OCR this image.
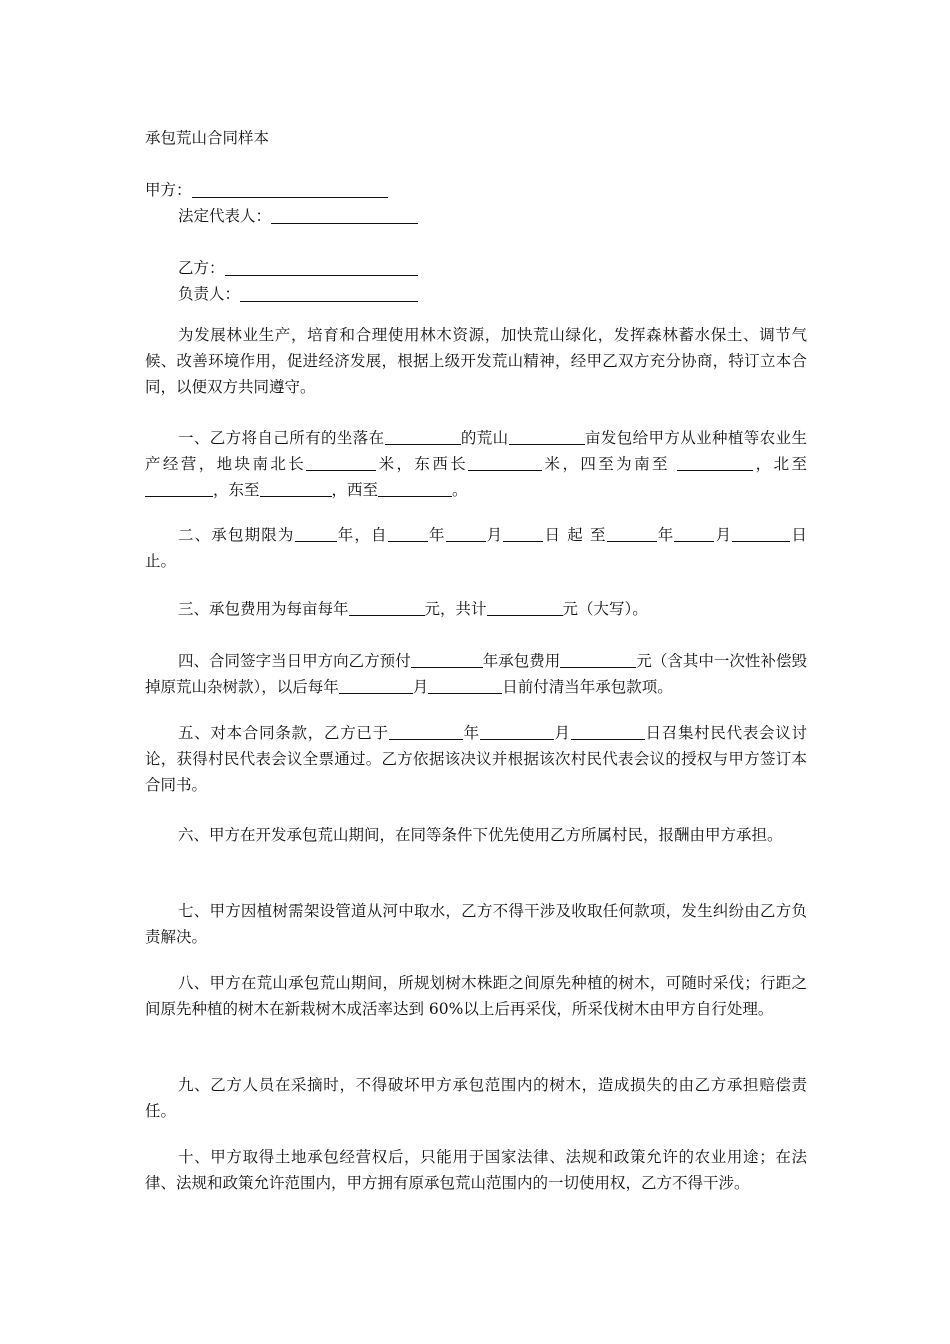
承包荒山合同样本
甲方：
法定代表人：
乙方：
负责人：

为发展林业生产，培育和合理使用林木资源，加快荒山绿化，发挥森林蓄水保土、调节气候、改善环境作用，促进经济发展，根据上级开发荒山精神，经甲乙双方充分协商，特订立本合同，以便双方共同遵守。

一、乙方将自己所有的坐落在	的荒山	亩发包给甲方从业种植等农业生产经营，地块南北长	米，东西长	米，四至为南至	，北至，东至	，西至	。

二、承包期限为	年，自	年	月	日 起 至	年	月	日止。

三、承包费用为每亩每年	元，共计	元（大写）。

四、合同签字当日甲方向乙方预付	年承包费用	元（含其中一次性补偿毁掉原荒山杂树款），以后每年	月	日前付清当年承包款项。

五、对本合同条款，乙方已于	年	月	日召集村民代表会议讨论，获得村民代表会议全票通过。乙方依据该决议并根据该次村民代表会议的授权与甲方签订本合同书。

六、甲方在开发承包荒山期间，在同等条件下优先使用乙方所属村民，报酬由甲方承担。

七、甲方因植树需架设管道从河中取水，乙方不得干涉及收取任何款项，发生纠纷由乙方负责解决。

八、甲方在荒山承包荒山期间，所规划树木株距之间原先种植的树木，可随时采伐；行距之间原先种植的树木在新栽树木成活率达到 60%以上后再采伐，所采伐树木由甲方自行处理。

九、乙方人员在采摘时，不得破坏甲方承包范围内的树木，造成损失的由乙方承担赔偿责任。

十、甲方取得土地承包经营权后，只能用于国家法律、法规和政策允许的农业用途；在法律、法规和政策允许范围内，甲方拥有原承包荒山范围内的一切使用权，乙方不得干涉。
